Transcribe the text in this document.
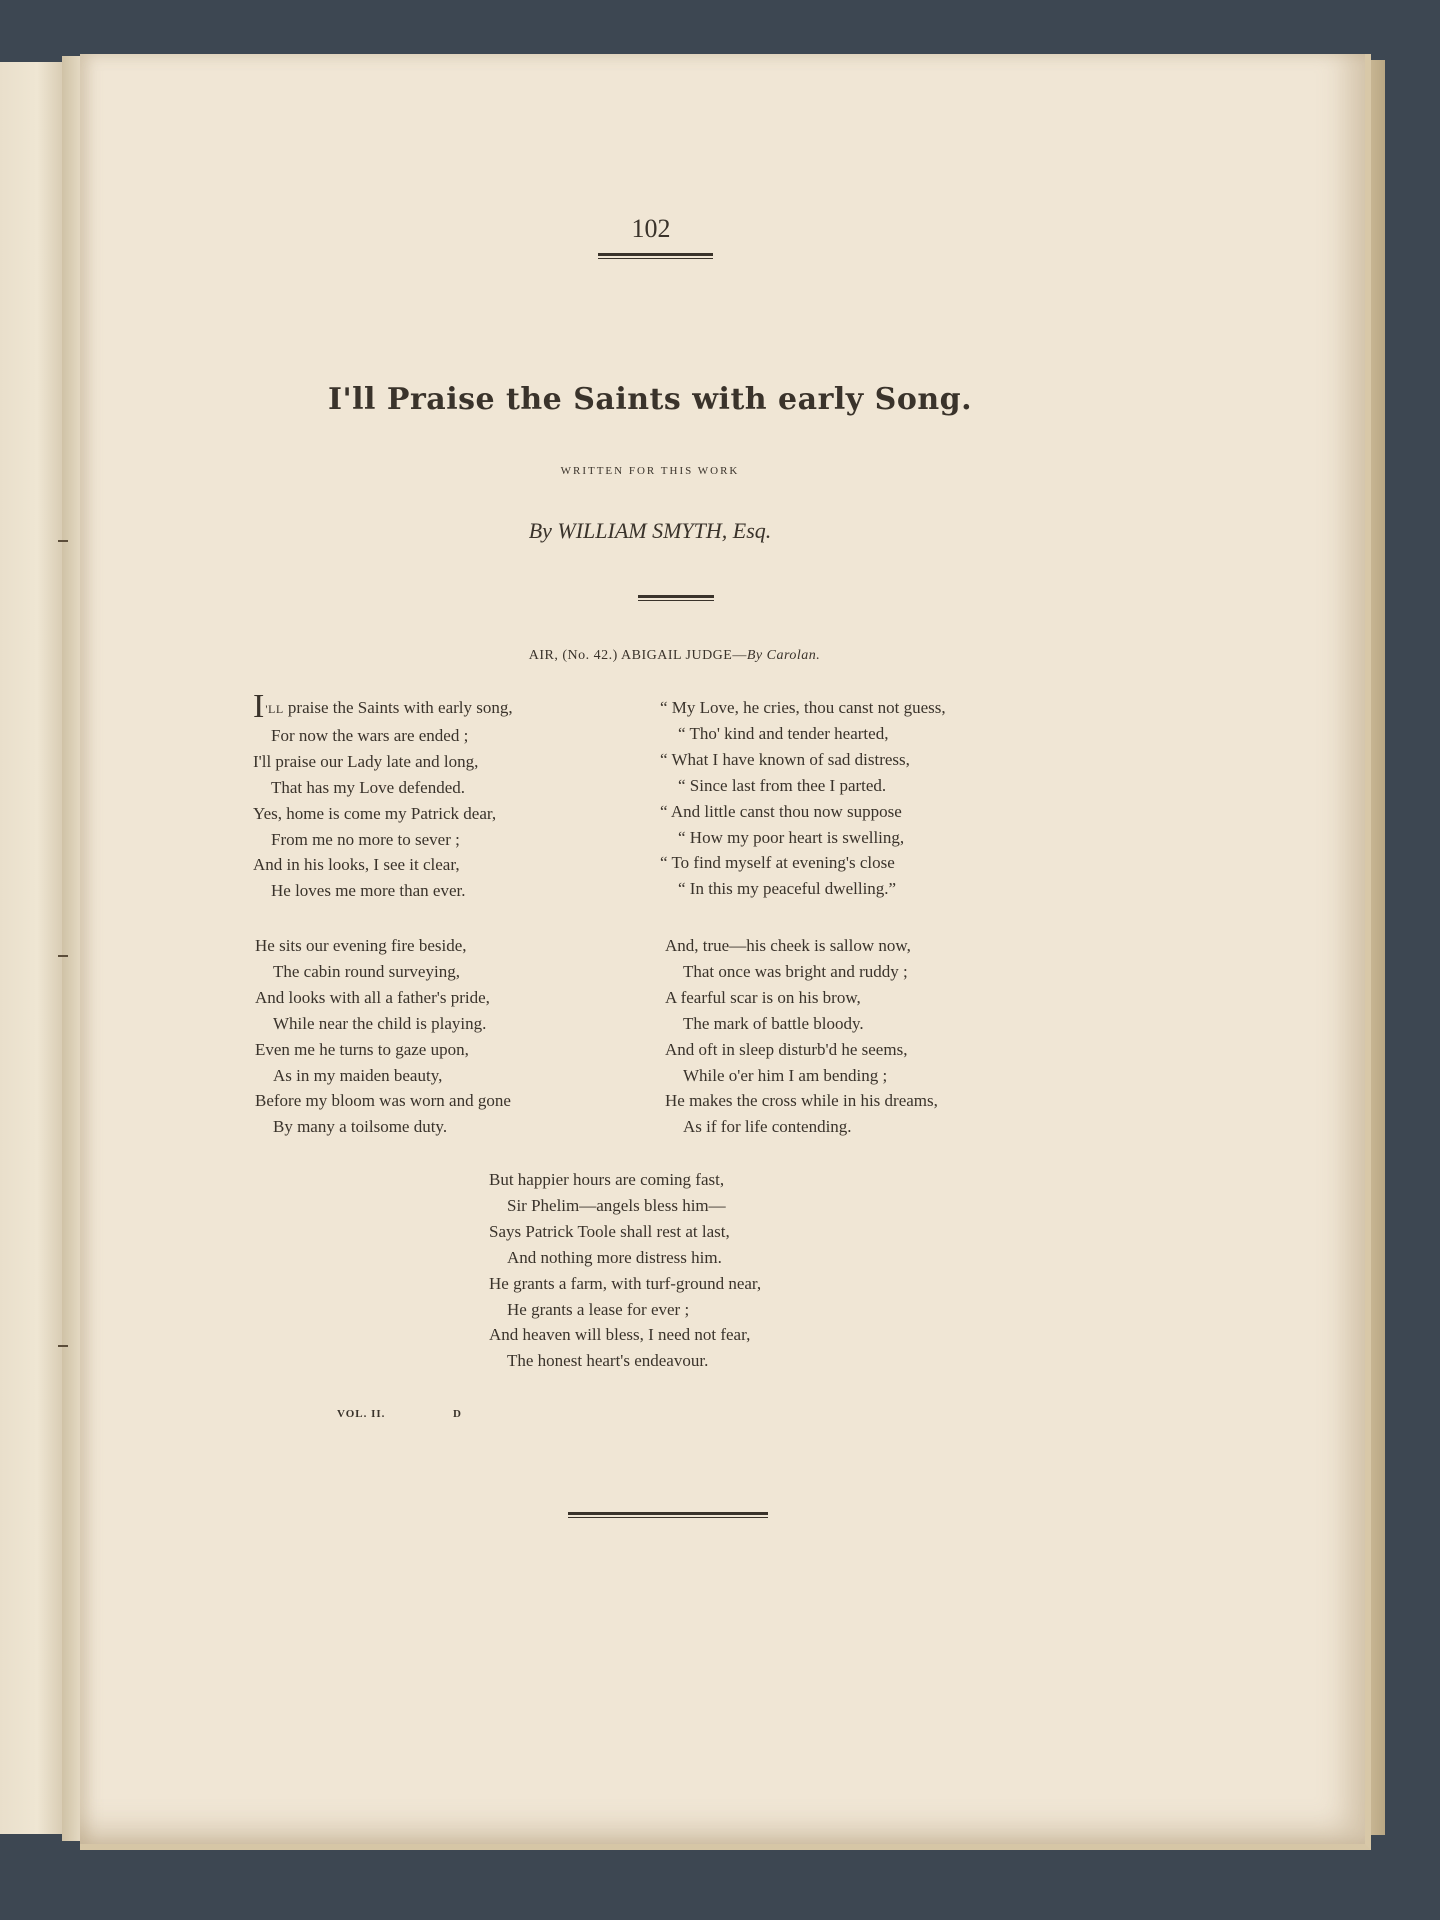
102
I'll Praise the Saints with early Song.
WRITTEN FOR THIS WORK
By WILLIAM SMYTH, Esq.
AIR, (No. 42.) ABIGAIL JUDGE—By Carolan.
I'LL praise the Saints with early song,
For now the wars are ended ;
I'll praise our Lady late and long,
That has my Love defended.
Yes, home is come my Patrick dear,
From me no more to sever ;
And in his looks, I see it clear,
He loves me more than ever.
“ My Love, he cries, thou canst not guess,
“ Tho' kind and tender hearted,
“ What I have known of sad distress,
“ Since last from thee I parted.
“ And little canst thou now suppose
“ How my poor heart is swelling,
“ To find myself at evening's close
“ In this my peaceful dwelling.”
He sits our evening fire beside,
The cabin round surveying,
And looks with all a father's pride,
While near the child is playing.
Even me he turns to gaze upon,
As in my maiden beauty,
Before my bloom was worn and gone
By many a toilsome duty.
And, true—his cheek is sallow now,
That once was bright and ruddy ;
A fearful scar is on his brow,
The mark of battle bloody.
And oft in sleep disturb'd he seems,
While o'er him I am bending ;
He makes the cross while in his dreams,
As if for life contending.
But happier hours are coming fast,
Sir Phelim—angels bless him—
Says Patrick Toole shall rest at last,
And nothing more distress him.
He grants a farm, with turf-ground near,
He grants a lease for ever ;
And heaven will bless, I need not fear,
The honest heart's endeavour.
VOL. II.	D
